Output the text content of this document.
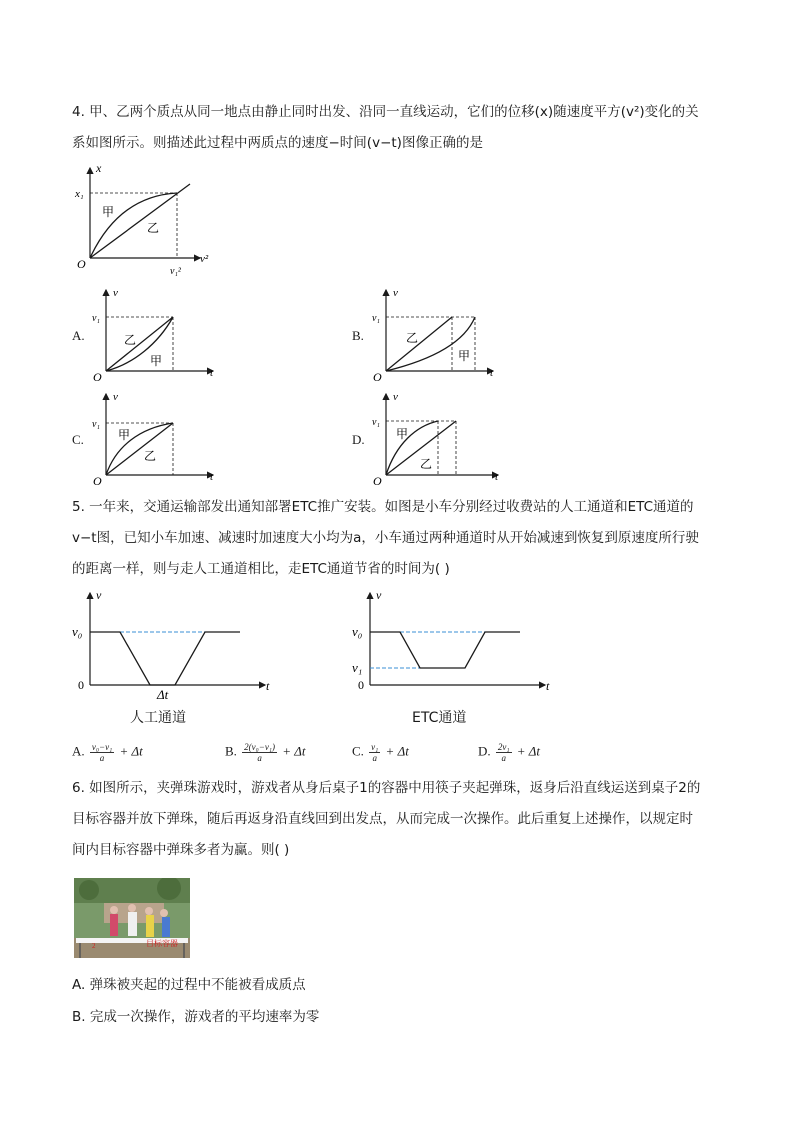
4. 甲、乙两个质点从同一地点由静止同时出发、沿同一直线运动，它们的位移(x)随速度平方(v²)变化的关
系如图所示。则描述此过程中两质点的速度−时间(v−t)图像正确的是
x
x₁
O	v²
v₁²
甲
乙
A.
v
v₁
O	t
乙
甲
B.
v
v₁
O	t
乙
甲
C.
v
v₁
O	t
甲
乙
D.
v
v₁
O	t
甲
乙
5. 一年来，交通运输部发出通知部署ETC推广安装。如图是小车分别经过收费站的人工通道和ETC通道的
v−t图，已知小车加速、减速时加速度大小均为a，小车通过两种通道时从开始减速到恢复到原速度所行驶
的距离一样，则与走人工通道相比，走ETC通道节省的时间为( )
v
v₀
0	t
Δt
人工通道
v
v₀
v₁
0	t
ETC通道
A. $\frac{\text{v₀−v₁}}{a} + \Delta t$	B. $\frac{\text{2(v₀−v₁)}}{a} + \Delta t$	C. $\frac{\text{v₁}}{a} + \Delta t$	D. $\frac{\text{2v₁}}{a} + \Delta t$
6. 如图所示，夹弹珠游戏时，游戏者从身后桌子1的容器中用筷子夹起弹珠，返身后沿直线运送到桌子2的
目标容器并放下弹珠，随后再返身沿直线回到出发点，从而完成一次操作。此后重复上述操作，以规定时
间内目标容器中弹珠多者为赢。则( )
2	目标容器
A. 弹珠被夹起的过程中不能被看成质点
B. 完成一次操作，游戏者的平均速率为零
